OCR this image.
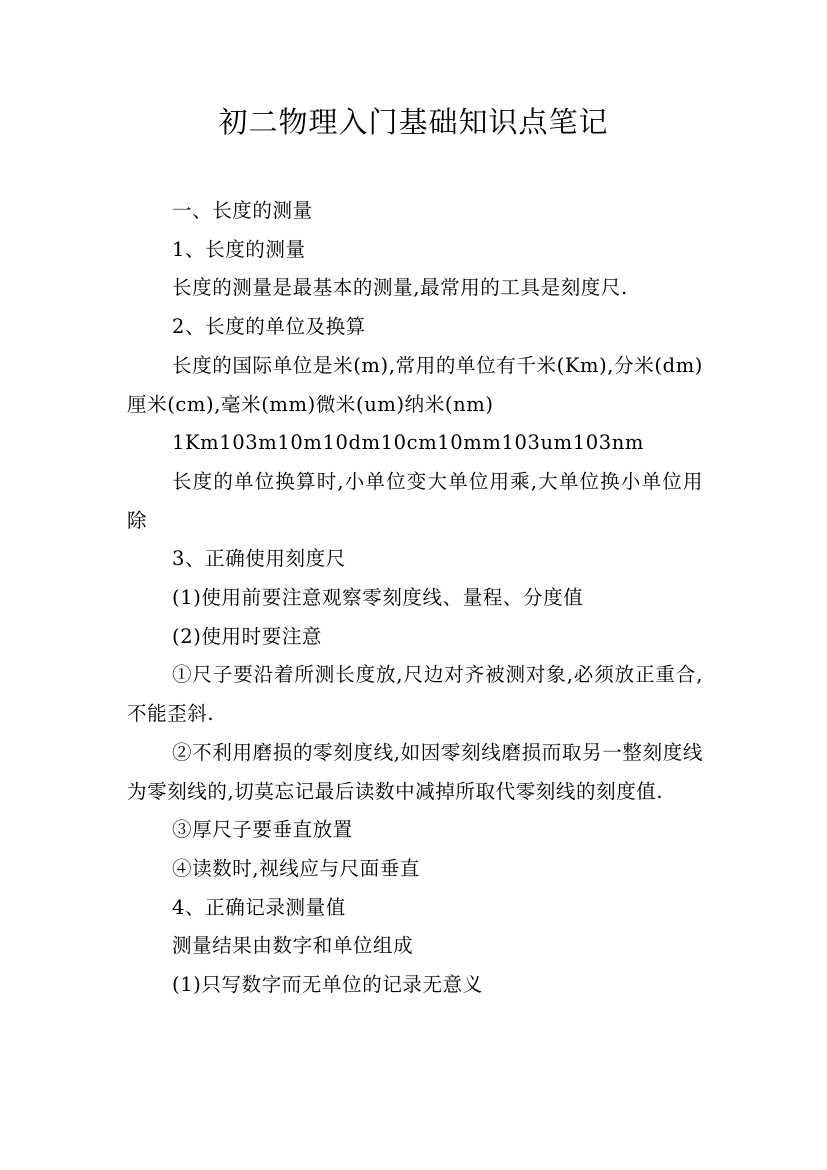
初二物理入门基础知识点笔记

一、长度的测量

1、长度的测量

长度的测量是最基本的测量,最常用的工具是刻度尺.

2、长度的单位及换算

长度的国际单位是米(m),常用的单位有千米(Km),分米(dm)厘米(cm),毫米(mm)微米(um)纳米(nm)

1Km103m10m10dm10cm10mm103um103nm

长度的单位换算时,小单位变大单位用乘,大单位换小单位用除

3、正确使用刻度尺

(1)使用前要注意观察零刻度线、量程、分度值

(2)使用时要注意

①尺子要沿着所测长度放,尺边对齐被测对象,必须放正重合,不能歪斜.

②不利用磨损的零刻度线,如因零刻线磨损而取另一整刻度线为零刻线的,切莫忘记最后读数中减掉所取代零刻线的刻度值.

③厚尺子要垂直放置

④读数时,视线应与尺面垂直

4、正确记录测量值

测量结果由数字和单位组成

(1)只写数字而无单位的记录无意义
